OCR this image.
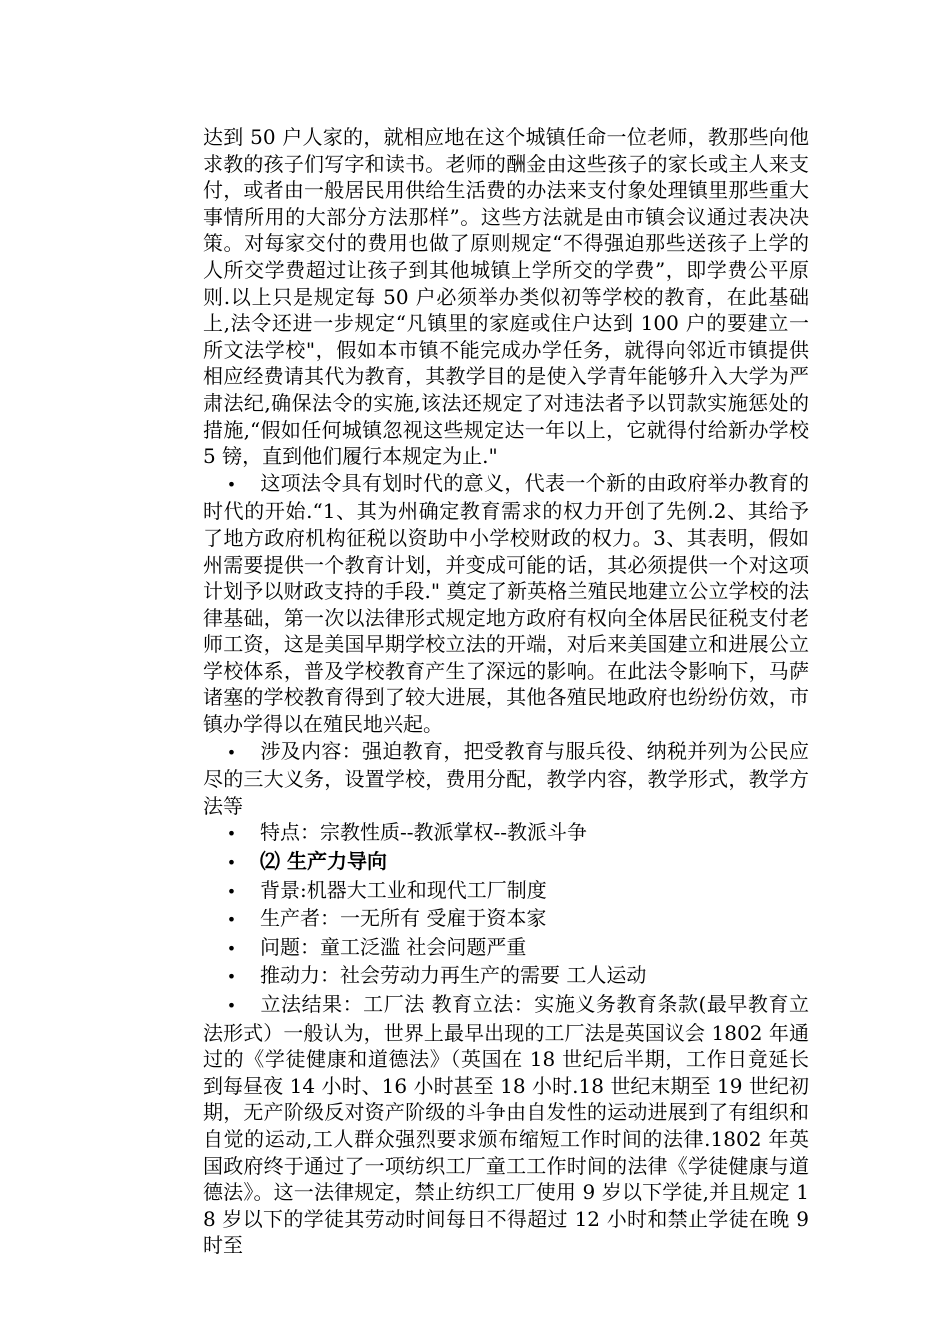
达到 50 户人家的，就相应地在这个城镇任命一位老师，教那些向他求教的孩子们写字和读书。老师的酬金由这些孩子的家长或主人来支付，或者由一般居民用供给生活费的办法来支付象处理镇里那些重大事情所用的大部分方法那样”。这些方法就是由市镇会议通过表决决策。对每家交付的费用也做了原则规定“不得强迫那些送孩子上学的人所交学费超过让孩子到其他城镇上学所交的学费”，即学费公平原则.以上只是规定每 50 户必须举办类似初等学校的教育，在此基础上,法令还进一步规定“凡镇里的家庭或住户达到 100 户的要建立一所文法学校"，假如本市镇不能完成办学任务，就得向邻近市镇提供相应经费请其代为教育，其教学目的是使入学青年能够升入大学为严肃法纪,确保法令的实施,该法还规定了对违法者予以罚款实施惩处的措施,“假如任何城镇忽视这些规定达一年以上，它就得付给新办学校 5 镑，直到他们履行本规定为止."

• 这项法令具有划时代的意义，代表一个新的由政府举办教育的时代的开始.“1、其为州确定教育需求的权力开创了先例.2、其给予了地方政府机构征税以资助中小学校财政的权力。3、其表明，假如州需要提供一个教育计划，并变成可能的话，其必须提供一个对这项计划予以财政支持的手段." 奠定了新英格兰殖民地建立公立学校的法律基础，第一次以法律形式规定地方政府有权向全体居民征税支付老师工资，这是美国早期学校立法的开端，对后来美国建立和进展公立学校体系，普及学校教育产生了深远的影响。在此法令影响下，马萨诸塞的学校教育得到了较大进展，其他各殖民地政府也纷纷仿效，市镇办学得以在殖民地兴起。

• 涉及内容：强迫教育，把受教育与服兵役、纳税并列为公民应尽的三大义务，设置学校，费用分配，教学内容，教学形式，教学方法等

• 特点：宗教性质--教派掌权--教派斗争

• ⑵ 生产力导向

• 背景:机器大工业和现代工厂制度

• 生产者：一无所有 受雇于资本家

• 问题：童工泛滥 社会问题严重

• 推动力：社会劳动力再生产的需要 工人运动

• 立法结果：工厂法 教育立法：实施义务教育条款(最早教育立法形式）一般认为，世界上最早出现的工厂法是英国议会 1802 年通过的《学徒健康和道德法》（英国在 18 世纪后半期，工作日竟延长到每昼夜 14 小时、16 小时甚至 18 小时.18 世纪末期至 19 世纪初期，无产阶级反对资产阶级的斗争由自发性的运动进展到了有组织和自觉的运动,工人群众强烈要求颁布缩短工作时间的法律.1802 年英国政府终于通过了一项纺织工厂童工工作时间的法律《学徒健康与道德法》。这一法律规定，禁止纺织工厂使用 9 岁以下学徒,并且规定 18 岁以下的学徒其劳动时间每日不得超过 12 小时和禁止学徒在晚 9 时至
